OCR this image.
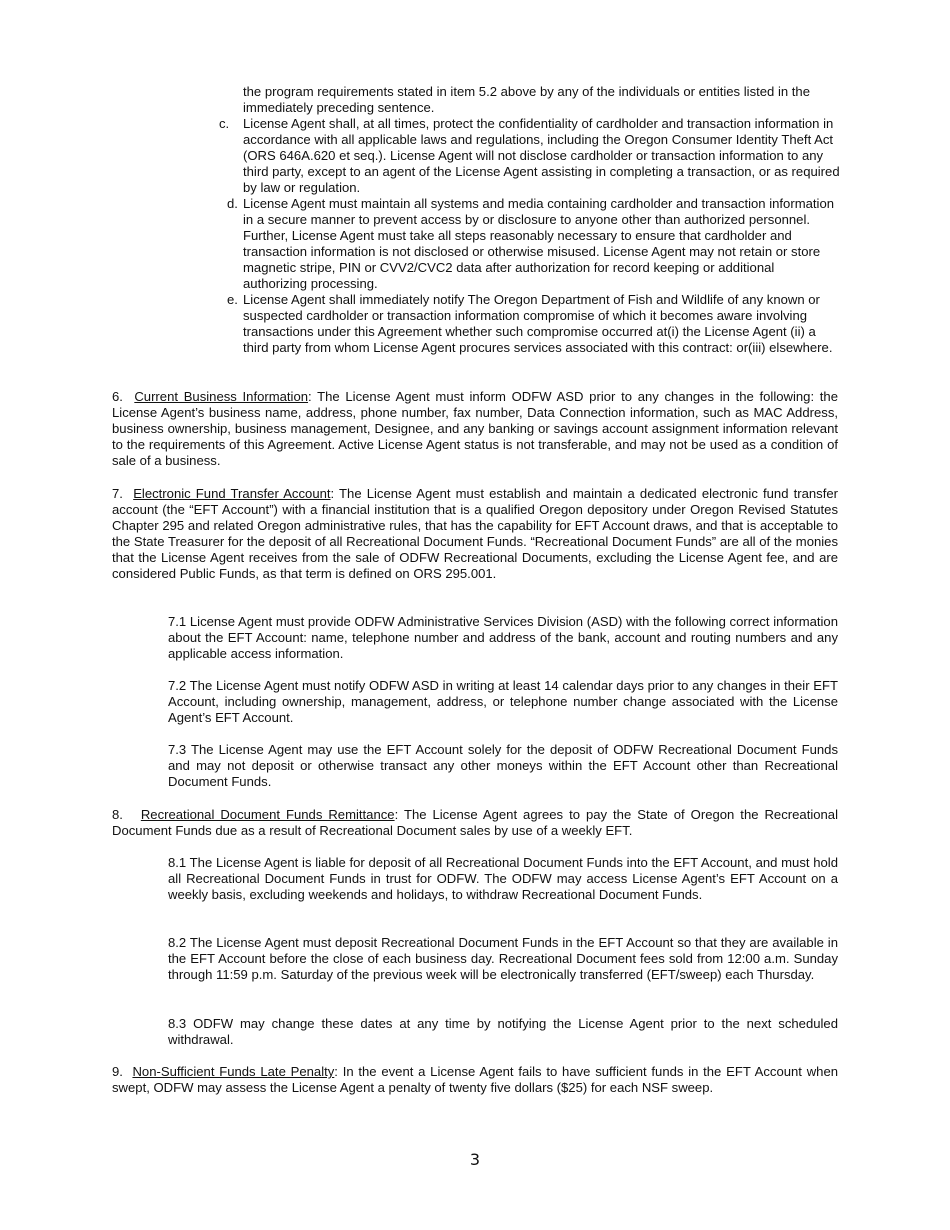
the program requirements stated in item 5.2 above by any of the individuals or entities listed in the immediately preceding sentence.

c.	License Agent shall, at all times, protect the confidentiality of cardholder and transaction information in accordance with all applicable laws and regulations, including the Oregon Consumer Identity Theft Act (ORS 646A.620 et seq.). License Agent will not disclose cardholder or transaction information to any third party, except to an agent of the License Agent assisting in completing a transaction, or as required by law or regulation.
d. License Agent must maintain all systems and media containing cardholder and transaction information in a secure manner to prevent access by or disclosure to anyone other than authorized personnel. Further, License Agent must take all steps reasonably necessary to ensure that cardholder and transaction information is not disclosed or otherwise misused. License Agent may not retain or store magnetic stripe, PIN or CVV2/CVC2 data after authorization for record keeping or additional authorizing processing.
e. License Agent shall immediately notify The Oregon Department of Fish and Wildlife of any known or suspected cardholder or transaction information compromise of which it becomes aware involving transactions under this Agreement whether such compromise occurred at(i) the License Agent (ii) a third party from whom License Agent procures services associated with this contract: or(iii) elsewhere.

6. Current Business Information: The License Agent must inform ODFW ASD prior to any changes in the following: the License Agent’s business name, address, phone number, fax number, Data Connection information, such as MAC Address, business ownership, business management, Designee, and any banking or savings account assignment information relevant to the requirements of this Agreement. Active License Agent status is not transferable, and may not be used as a condition of sale of a business.

7. Electronic Fund Transfer Account: The License Agent must establish and maintain a dedicated electronic fund transfer account (the “EFT Account”) with a financial institution that is a qualified Oregon depository under Oregon Revised Statutes Chapter 295 and related Oregon administrative rules, that has the capability for EFT Account draws, and that is acceptable to the State Treasurer for the deposit of all Recreational Document Funds. “Recreational Document Funds” are all of the monies that the License Agent receives from the sale of ODFW Recreational Documents, excluding the License Agent fee, and are considered Public Funds, as that term is defined on ORS 295.001.

7.1 License Agent must provide ODFW Administrative Services Division (ASD) with the following correct information about the EFT Account: name, telephone number and address of the bank, account and routing numbers and any applicable access information.

7.2 The License Agent must notify ODFW ASD in writing at least 14 calendar days prior to any changes in their EFT Account, including ownership, management, address, or telephone number change associated with the License Agent’s EFT Account.

7.3 The License Agent may use the EFT Account solely for the deposit of ODFW Recreational Document Funds and may not deposit or otherwise transact any other moneys within the EFT Account other than Recreational Document Funds.

8. Recreational Document Funds Remittance: The License Agent agrees to pay the State of Oregon the Recreational Document Funds due as a result of Recreational Document sales by use of a weekly EFT.

8.1 The License Agent is liable for deposit of all Recreational Document Funds into the EFT Account, and must hold all Recreational Document Funds in trust for ODFW. The ODFW may access License Agent’s EFT Account on a weekly basis, excluding weekends and holidays, to withdraw Recreational Document Funds.

8.2 The License Agent must deposit Recreational Document Funds in the EFT Account so that they are available in the EFT Account before the close of each business day. Recreational Document fees sold from 12:00 a.m. Sunday through 11:59 p.m. Saturday of the previous week will be electronically transferred (EFT/sweep) each Thursday.

8.3 ODFW may change these dates at any time by notifying the License Agent prior to the next scheduled withdrawal.

9. Non-Sufficient Funds Late Penalty: In the event a License Agent fails to have sufficient funds in the EFT Account when swept, ODFW may assess the License Agent a penalty of twenty five dollars ($25) for each NSF sweep.

3
